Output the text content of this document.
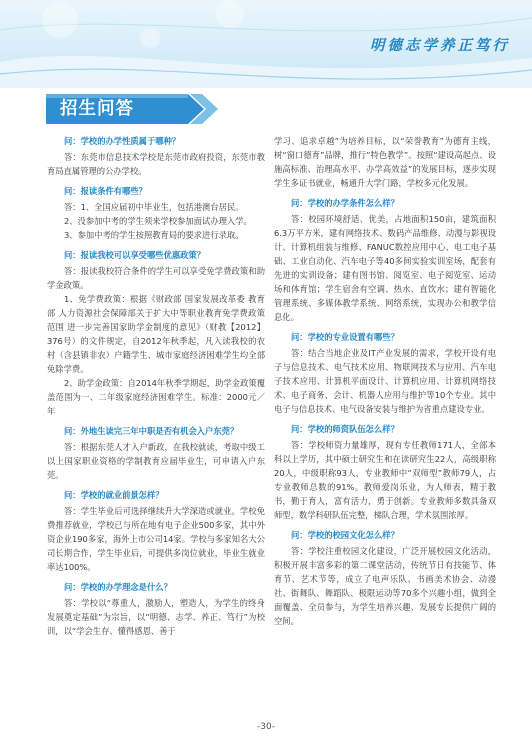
明德志学养正笃行
招生问答

问：学校的办学性质属于哪种？

答：东莞市信息技术学校是东莞市政府投资，东莞市教育局直属管理的公办学校。

问：报读条件有哪些？

答：1、全国应届初中毕业生，包括港澳台居民。

2、没参加中考的学生须来学校参加面试办理入学。

3、参加中考的学生按照教育局的要求进行录取。

问：报读我校可以享受哪些优惠政策？

答：报读我校符合条件的学生可以享受免学费政策和助学金政策。

1、免学费政策：根据《财政部 国家发展改革委 教育部 人力资源社会保障部关于扩大中等职业教育免学费政策范围 进一步完善国家助学金制度的意见》（财教【2012】376号）的文件规定，自2012年秋季起，凡入读我校的农村（含县镇非农）户籍学生、城市家庭经济困难学生均全部免除学费。

2、助学金政策：自2014年秋季学期起，助学金政策覆盖范围为一、二年级家庭经济困难学生。标准：2000元／年

问：外地生读完三年中职是否有机会入户东莞？

答：根据东莞人才入户新政，在我校就读，考取中级工以上国家职业资格的学制教育应届毕业生，可申请入户东莞。

问：学校的就业前景怎样？

答：学生毕业后可选择继续升大学深造或就业。学校免费推荐就业，学校已与所在地有电子企业500多家，其中外资企业190多家，海外上市公司14家。学校与多家知名大公司长期合作，学生毕业后，可提供多岗位就业，毕业生就业率达100%。

问：学校的办学理念是什么？

答：学校以“尊重人，激励人，塑造人，为学生的终身发展奠定基础”为宗旨，以“明德、志学、养正、笃行”为校训，以“学会生存、懂得感恩、善于

学习、追求卓越”为培养目标，以“荣誉教育”为德育主线，树“窗口德育”品牌，推行“特色教学”。按照“建设高起点、设施高标准、治理高水平、办学高效益”的发展目标，逐步实现学生多证书就业，畅通升大学门路，学校多元化发展。

问：学校的办学条件怎么样？

答：校园环境舒适、优美，占地面积150亩，建筑面积6.3万平方米，建有网络技术、数码产品维修、动漫与影视设计、计算机组装与维修、FANUC数控应用中心、电工电子基础、工业自动化、汽车电子等40多间实验实训室场，配套有先进的实训设备；建有图书馆、阅览室、电子阅览室、运动场和体育馆；学生宿舍有空调、热水、直饮水；建有智能化管理系统、多媒体教学系统、网络系统，实现办公和教学信息化。

问：学校的专业设置有哪些？

答：结合当地企业及IT产业发展的需求，学校开设有电子与信息技术、电气技术应用、物联网技术与应用、汽车电子技术应用、计算机平面设计、计算机应用、计算机网络技术、电子商务、会计、机器人应用与维护等10个专业。其中电子与信息技术、电气设备安装与维护为省重点建设专业。

问：学校的师资队伍怎么样？

答：学校师资力量雄厚，现有专任教师171人，全部本科以上学历，其中硕士研究生和在读研究生22人，高级职称20人，中级职称93人，专业教师中“双师型”教师79人，占专业教师总数的91%。教师爱岗乐业，为人师表，精于教书，勤于育人，富有活力，勇于创新。专业教师多数具备双师型，数学科研队伍完整，梯队合理，学术氛围浓厚。

问：学校的校园文化怎么样？

答：学校注重校园文化建设，广泛开展校园文化活动，积极开展丰富多彩的第二课堂活动，传统节日有技能节、体育节、艺术节等，成立了电声乐队、书画美术协会、动漫社、街舞队、舞蹈队、极限运动等70多个兴趣小组，做到全面覆盖、全员参与，为学生培养兴趣、发展专长提供广阔的空间。

-30-
